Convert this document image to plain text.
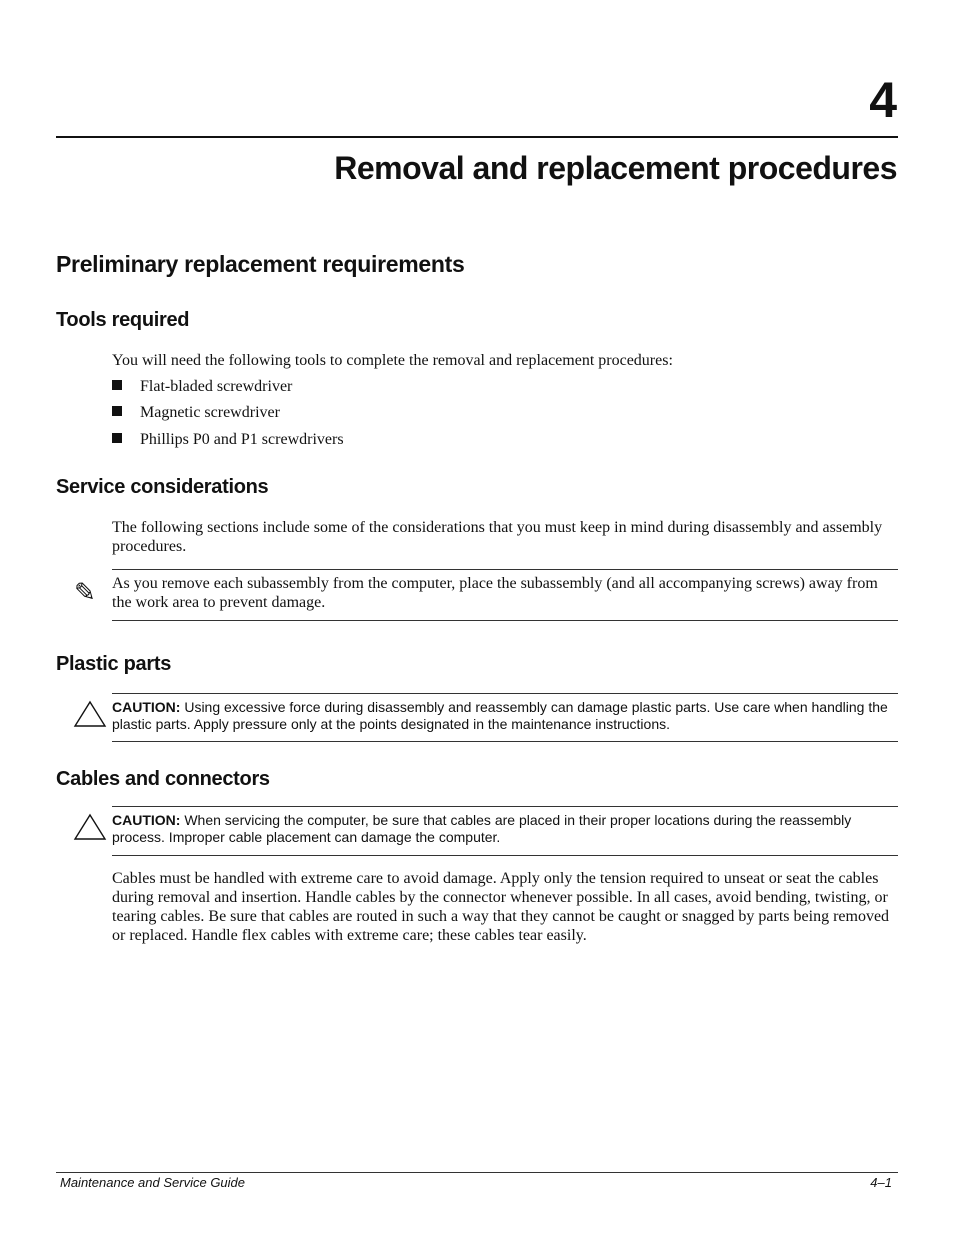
4
Removal and replacement procedures
Preliminary replacement requirements
Tools required
You will need the following tools to complete the removal and replacement procedures:
Flat-bladed screwdriver
Magnetic screwdriver
Phillips P0 and P1 screwdrivers
Service considerations
The following sections include some of the considerations that you must keep in mind during disassembly and assembly procedures.
✎ As you remove each subassembly from the computer, place the subassembly (and all accompanying screws) away from the work area to prevent damage.
Plastic parts
CAUTION: Using excessive force during disassembly and reassembly can damage plastic parts. Use care when handling the plastic parts. Apply pressure only at the points designated in the maintenance instructions.
Cables and connectors
CAUTION: When servicing the computer, be sure that cables are placed in their proper locations during the reassembly process. Improper cable placement can damage the computer.
Cables must be handled with extreme care to avoid damage. Apply only the tension required to unseat or seat the cables during removal and insertion. Handle cables by the connector whenever possible. In all cases, avoid bending, twisting, or tearing cables. Be sure that cables are routed in such a way that they cannot be caught or snagged by parts being removed or replaced. Handle flex cables with extreme care; these cables tear easily.
Maintenance and Service Guide	4–1
